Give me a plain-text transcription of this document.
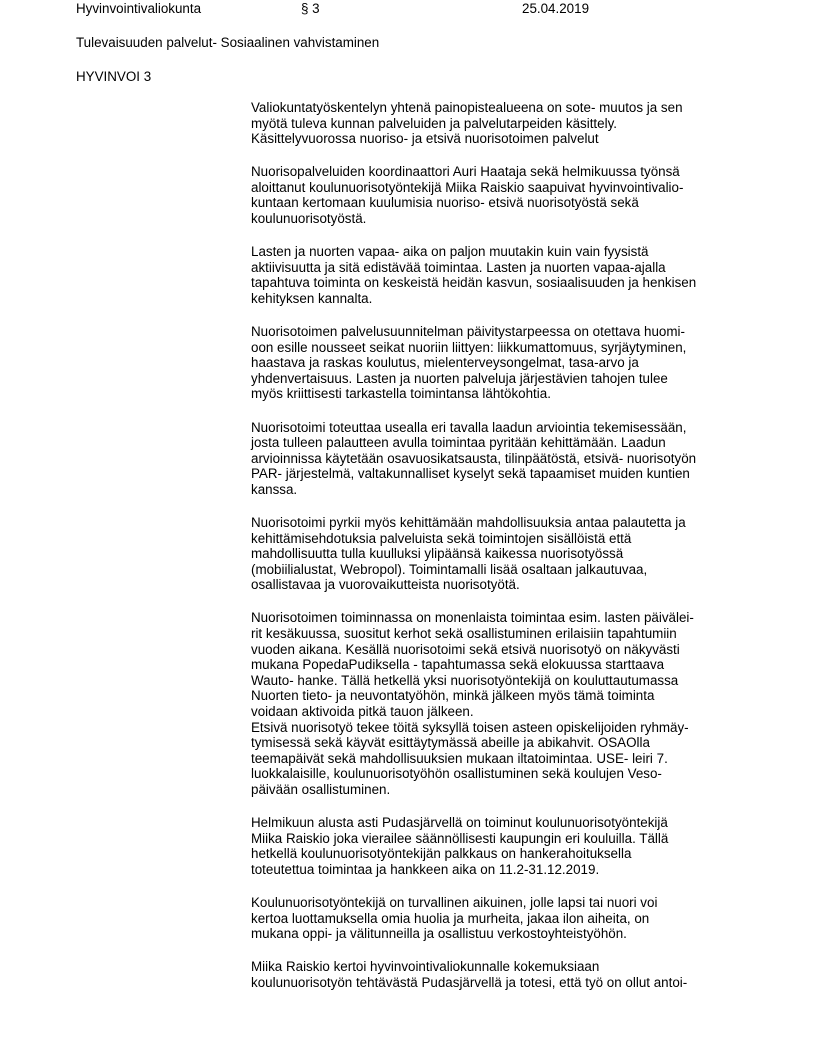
Hyvinvointivaliokunta	§ 3	25.04.2019
Tulevaisuuden palvelut- Sosiaalinen vahvistaminen
HYVINVOI 3

Valiokuntatyöskentelyn yhtenä painopistealueena on sote- muutos ja sen
myötä tuleva kunnan palveluiden ja palvelutarpeiden käsittely.
Käsittelyvuorossa nuoriso- ja etsivä nuorisotoimen palvelut

Nuorisopalveluiden koordinaattori Auri Haataja sekä helmikuussa työnsä
aloittanut koulunuorisotyöntekijä Miika Raiskio saapuivat hyvinvointivalio-
kuntaan kertomaan kuulumisia nuoriso- etsivä nuorisotyöstä sekä
koulunuorisotyöstä.

Lasten ja nuorten vapaa- aika on paljon muutakin kuin vain fyysistä
aktiivisuutta ja sitä edistävää toimintaa. Lasten ja nuorten vapaa-ajalla
tapahtuva toiminta on keskeistä heidän kasvun, sosiaalisuuden ja henkisen
kehityksen kannalta.

Nuorisotoimen palvelusuunnitelman päivitystarpeessa on otettava huomi-
oon esille nousseet seikat nuoriin liittyen: liikkumattomuus, syrjäytyminen,
haastava ja raskas koulutus, mielenterveysongelmat, tasa-arvo ja
yhdenvertaisuus. Lasten ja nuorten palveluja järjestävien tahojen tulee
myös kriittisesti tarkastella toimintansa lähtökohtia.

Nuorisotoimi toteuttaa usealla eri tavalla laadun arviointia tekemisessään,
josta tulleen palautteen avulla toimintaa pyritään kehittämään. Laadun
arvioinnissa käytetään osavuosikatsausta, tilinpäätöstä, etsivä- nuorisotyön
PAR- järjestelmä, valtakunnalliset kyselyt sekä tapaamiset muiden kuntien
kanssa.

Nuorisotoimi pyrkii myös kehittämään mahdollisuuksia antaa palautetta ja
kehittämisehdotuksia palveluista sekä toimintojen sisällöistä että
mahdollisuutta tulla kuulluksi ylipäänsä kaikessa nuorisotyössä
(mobiilialustat, Webropol). Toimintamalli lisää osaltaan jalkautuvaa,
osallistavaa ja vuorovaikutteista nuorisotyötä.

Nuorisotoimen toiminnassa on monenlaista toimintaa esim. lasten päivälei-
rit kesäkuussa, suositut kerhot sekä osallistuminen erilaisiin tapahtumiin
vuoden aikana. Kesällä nuorisotoimi sekä etsivä nuorisotyö on näkyvästi
mukana PopedaPudiksella - tapahtumassa sekä elokuussa starttaava
Wauto- hanke. Tällä hetkellä yksi nuorisotyöntekijä on kouluttautumassa
Nuorten tieto- ja neuvontatyöhön, minkä jälkeen myös tämä toiminta
voidaan aktivoida pitkä tauon jälkeen.
Etsivä nuorisotyö tekee töitä syksyllä toisen asteen opiskelijoiden ryhmäy-
tymisessä sekä käyvät esittäytymässä abeille ja abikahvit. OSAOlla
teemapäivät sekä mahdollisuuksien mukaan iltatoimintaa. USE- leiri 7.
luokkalaisille, koulunuorisotyöhön osallistuminen sekä koulujen Veso-
päivään osallistuminen.

Helmikuun alusta asti Pudasjärvellä on toiminut koulunuorisotyöntekijä
Miika Raiskio joka vierailee säännöllisesti kaupungin eri kouluilla. Tällä
hetkellä koulunuorisotyöntekijän palkkaus on hankerahoituksella
toteutettua toimintaa ja hankkeen aika on 11.2-31.12.2019.

Koulunuorisotyöntekijä on turvallinen aikuinen, jolle lapsi tai nuori voi
kertoa luottamuksella omia huolia ja murheita, jakaa ilon aiheita, on
mukana oppi- ja välitunneilla ja osallistuu verkostoyhteistyöhön.

Miika Raiskio kertoi hyvinvointivaliokunnalle kokemuksiaan
koulunuorisotyön tehtävästä Pudasjärvellä ja totesi, että työ on ollut antoi-
